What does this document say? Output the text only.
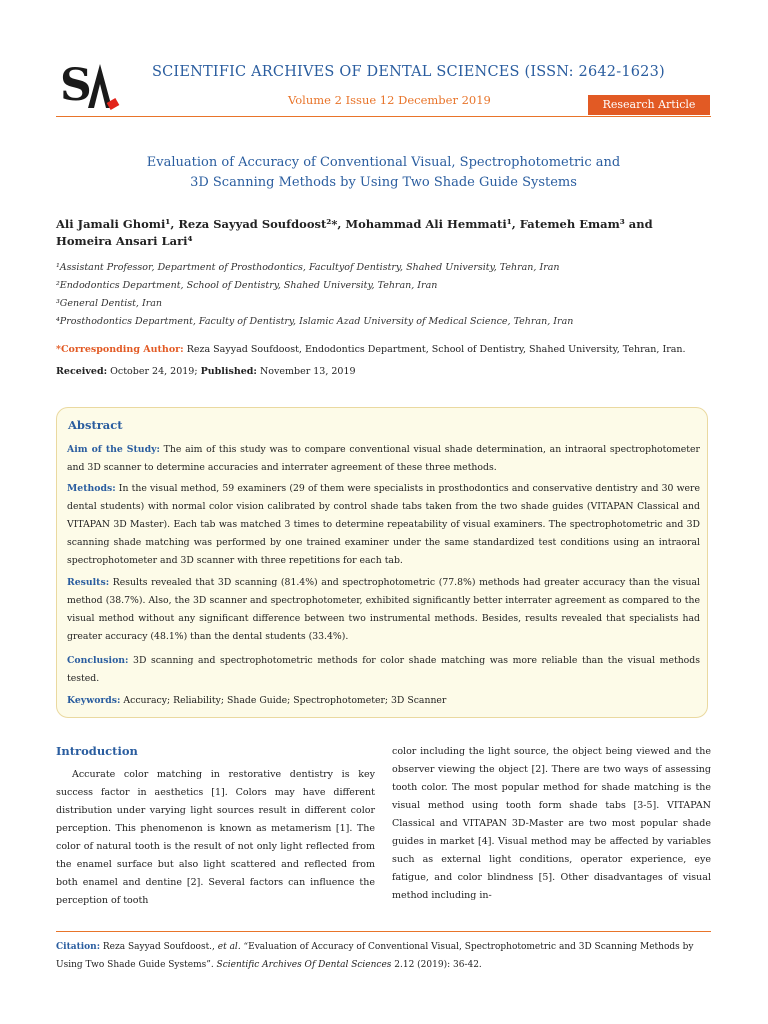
S	SCIENTIFIC ARCHIVES OF DENTAL SCIENCES (ISSN: 2642-1623)
Volume 2 Issue 12 December 2019	Research Article
Evaluation of Accuracy of Conventional Visual, Spectrophotometric and
3D Scanning Methods by Using Two Shade Guide Systems
Ali Jamali Ghomi¹, Reza Sayyad Soufdoost²*, Mohammad Ali Hemmati¹, Fatemeh Emam³ and Homeira Ansari Lari⁴
¹Assistant Professor, Department of Prosthodontics, Facultyof Dentistry, Shahed University, Tehran, Iran
²Endodontics Department, School of Dentistry, Shahed University, Tehran, Iran
³General Dentist, Iran
⁴Prosthodontics Department, Faculty of Dentistry, Islamic Azad University of Medical Science, Tehran, Iran
*Corresponding Author: Reza Sayyad Soufdoost, Endodontics Department, School of Dentistry, Shahed University, Tehran, Iran.
Received: October 24, 2019; Published: November 13, 2019
Abstract
Aim of the Study: The aim of this study was to compare conventional visual shade determination, an intraoral spectrophotometer and 3D scanner to determine accuracies and interrater agreement of these three methods.
Methods: In the visual method, 59 examiners (29 of them were specialists in prosthodontics and conservative dentistry and 30 were dental students) with normal color vision calibrated by control shade tabs taken from the two shade guides (VITAPAN Classical and VITAPAN 3D Master). Each tab was matched 3 times to determine repeatability of visual examiners. The spectrophotometric and 3D scanning shade matching was performed by one trained examiner under the same standardized test conditions using an intraoral spectrophotometer and 3D scanner with three repetitions for each tab.
Results: Results revealed that 3D scanning (81.4%) and spectrophotometric (77.8%) methods had greater accuracy than the visual method (38.7%). Also, the 3D scanner and spectrophotometer, exhibited significantly better interrater agreement as compared to the visual method without any significant difference between two instrumental methods. Besides, results revealed that specialists had greater accuracy (48.1%) than the dental students (33.4%).
Conclusion: 3D scanning and spectrophotometric methods for color shade matching was more reliable than the visual methods tested.
Keywords: Accuracy; Reliability; Shade Guide; Spectrophotometer; 3D Scanner
Introduction
Accurate color matching in restorative dentistry is key success factor in aesthetics [1]. Colors may have different distribution under varying light sources result in different color perception. This phenomenon is known as metamerism [1]. The color of natural tooth is the result of not only light reflected from the enamel surface but also light scattered and reflected from both enamel and dentine [2]. Several factors can influence the perception of tooth
color including the light source, the object being viewed and the observer viewing the object [2]. There are two ways of assessing tooth color. The most popular method for shade matching is the visual method using tooth form shade tabs [3-5]. VITAPAN Classical and VITAPAN 3D-Master are two most popular shade guides in market [4]. Visual method may be affected by variables such as external light conditions, operator experience, eye fatigue, and color blindness [5]. Other disadvantages of visual method including in-
Citation: Reza Sayyad Soufdoost., et al. “Evaluation of Accuracy of Conventional Visual, Spectrophotometric and 3D Scanning Methods by Using Two Shade Guide Systems”. Scientific Archives Of Dental Sciences 2.12 (2019): 36-42.
